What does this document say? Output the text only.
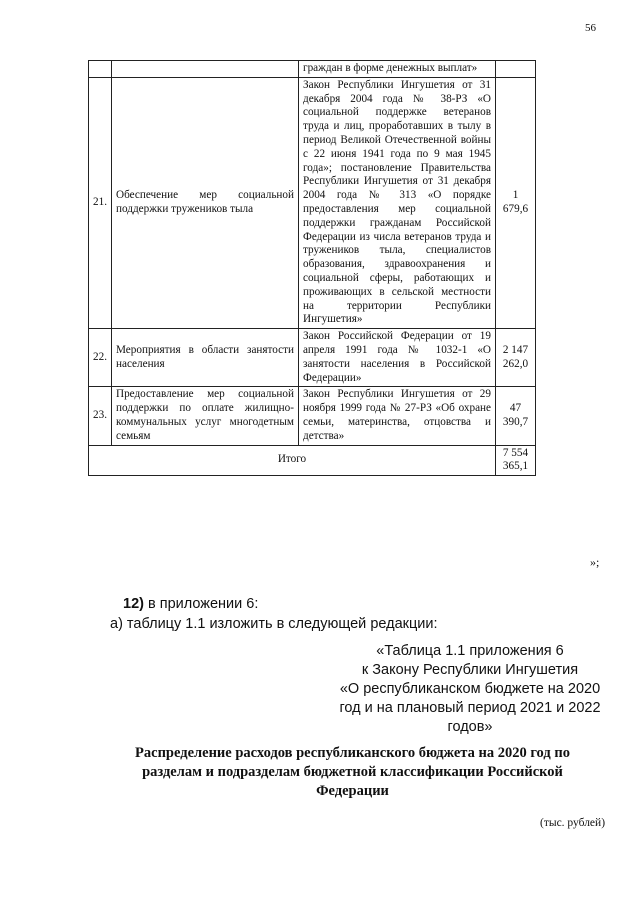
56

		граждан в форме денежных выплат»	

21.	Обеспечение мер социальной поддержки тружеников тыла	Закон Республики Ингушетия от 31 декабря 2004 года № 38-РЗ «О социальной поддержке ветеранов труда и лиц, проработавших в тылу в период Великой Отечественной войны с 22 июня 1941 года по 9 мая 1945 года»; постановление Правительства Республики Ингушетия от 31 декабря 2004 года № 313 «О порядке предоставления мер социальной поддержки гражданам Российской Федерации из числа ветеранов труда и тружеников тыла, специалистов образования, здравоохранения и социальной сферы, работающих и проживающих в сельской местности на территории Республики Ингушетия»	1 679,6
22.	Мероприятия в области занятости населения	Закон Российской Федерации от 19 апреля 1991 года № 1032-1 «О занятости населения в Российской Федерации»	2 147 262,0
23.	Предоставление мер социальной поддержки по оплате жилищно-коммунальных услуг многодетным семьям	Закон Республики Ингушетия от 29 ноября 1999 года № 27-РЗ «Об охране семьи, материнства, отцовства и детства»	47 390,7
Итого			7 554 365,1
»;
12) в приложении 6:
а) таблицу 1.1 изложить в следующей редакции:
«Таблица 1.1 приложения 6
к Закону Республики Ингушетия
«О республиканском бюджете на 2020
год и на плановый период 2021 и 2022
годов»
Распределение расходов республиканского бюджета на 2020 год по
разделам и подразделам бюджетной классификации Российской
Федерации
(тыс. рублей)
